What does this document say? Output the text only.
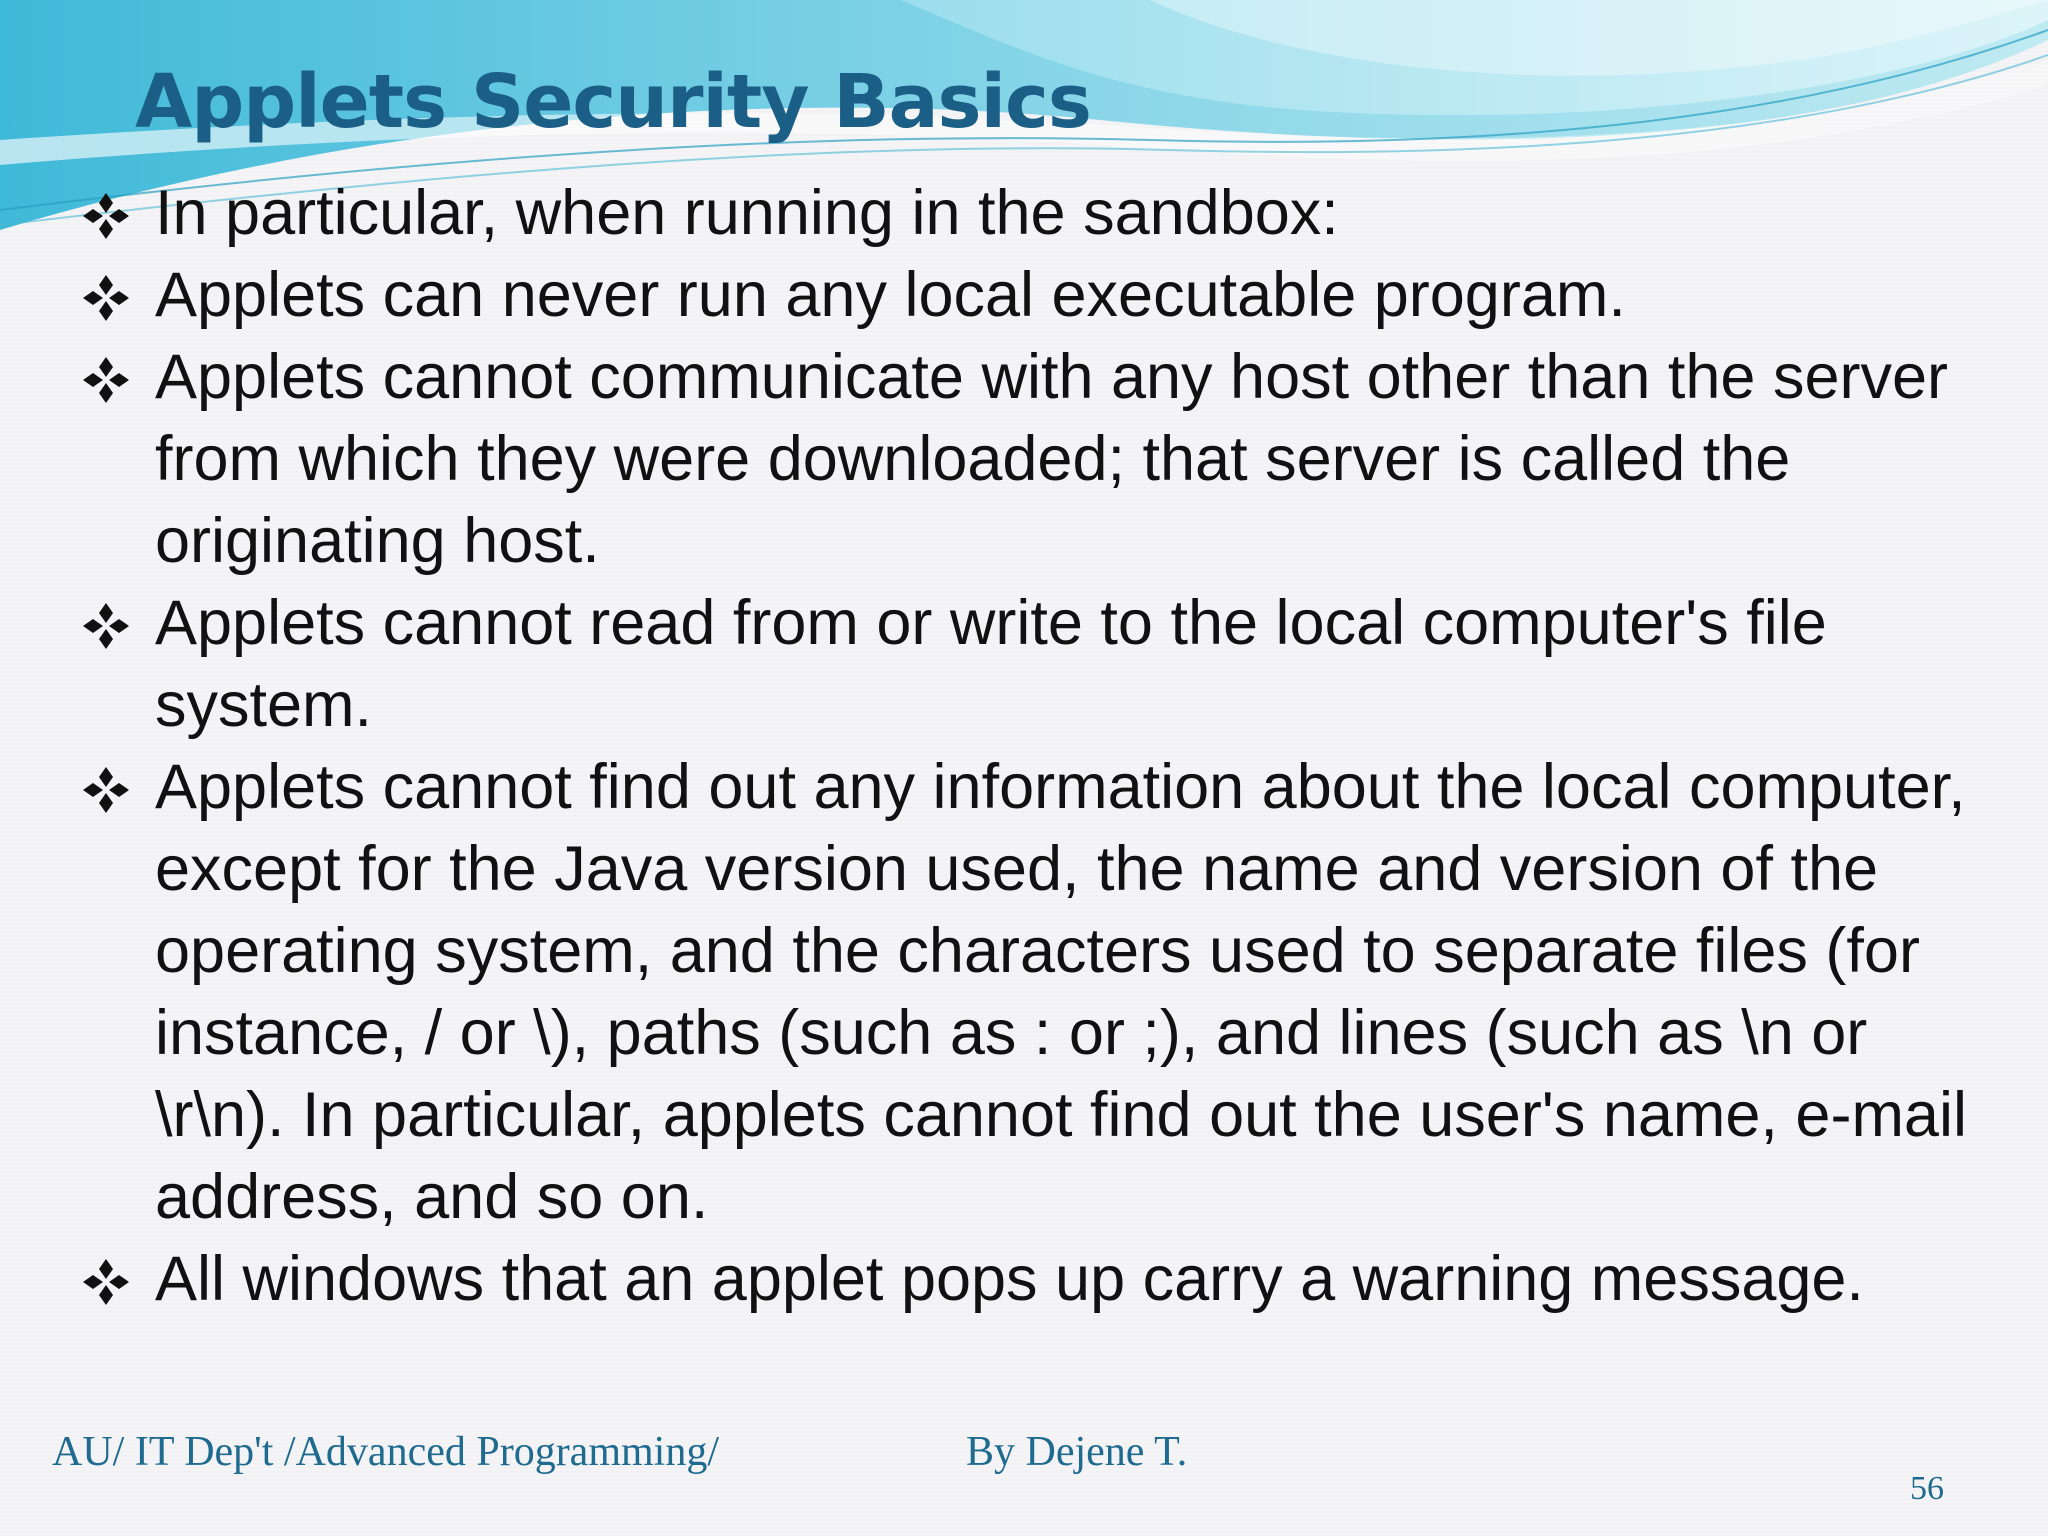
Applets Security Basics
In particular, when running in the sandbox:
Applets can never run any local executable program.
Applets cannot communicate with any host other than the server from which they were downloaded; that server is called the originating host.
Applets cannot read from or write to the local computer's file system.
Applets cannot find out any information about the local computer, except for the Java version used, the name and version of the operating system, and the characters used to separate files (for instance, / or \), paths (such as : or ;), and lines (such as \n or \r\n). In particular, applets cannot find out the user's name, e-mail address, and so on.
All windows that an applet pops up carry a warning message.
AU/ IT Dep't /Advanced Programming/	By Dejene T.
56
